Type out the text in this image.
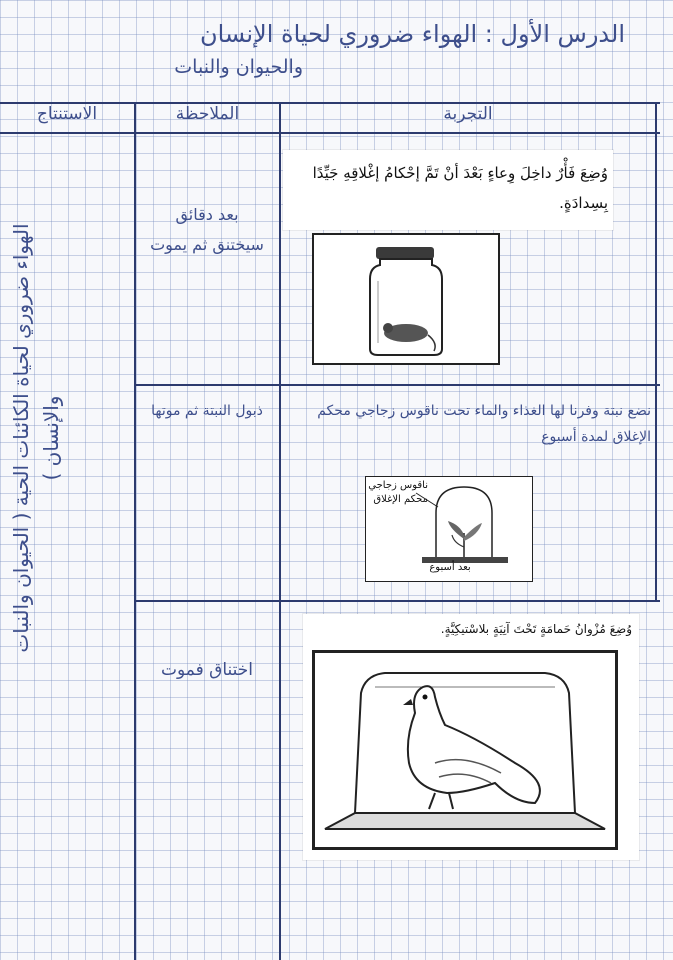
الدرس الأول : الهواء ضروري لحياة الإنسان
والحيوان والنبات
الاستنتاج	الملاحظة	التجربة
الهواء ضروري لحياة الكائنات الحية ( الحيوان والنبات والإنسان )
وُضِعَ فَأْرٌ داخِلَ وِعاءٍ بَعْدَ أنْ تَمَّ إحْكامُ إغْلاقِهِ جَيِّدًا بِسِدادَةٍ.
بعد دقائق سيختنق ثم يموت
نضع نبتة وفرنا لها الغذاء والماء تحت ناقوس زجاجي محكم الإغلاق لمدة أسبوع
ناقوس زجاجي
محكم الإغلاق
بعد أسبوع
ذبول النبتة ثم موتها
وُضِعَ مُزْوانُ حَمامَةٍ تَحْتَ آنِيَةٍ بلاسْتيكِيَّةٍ.
اختناق فموت
